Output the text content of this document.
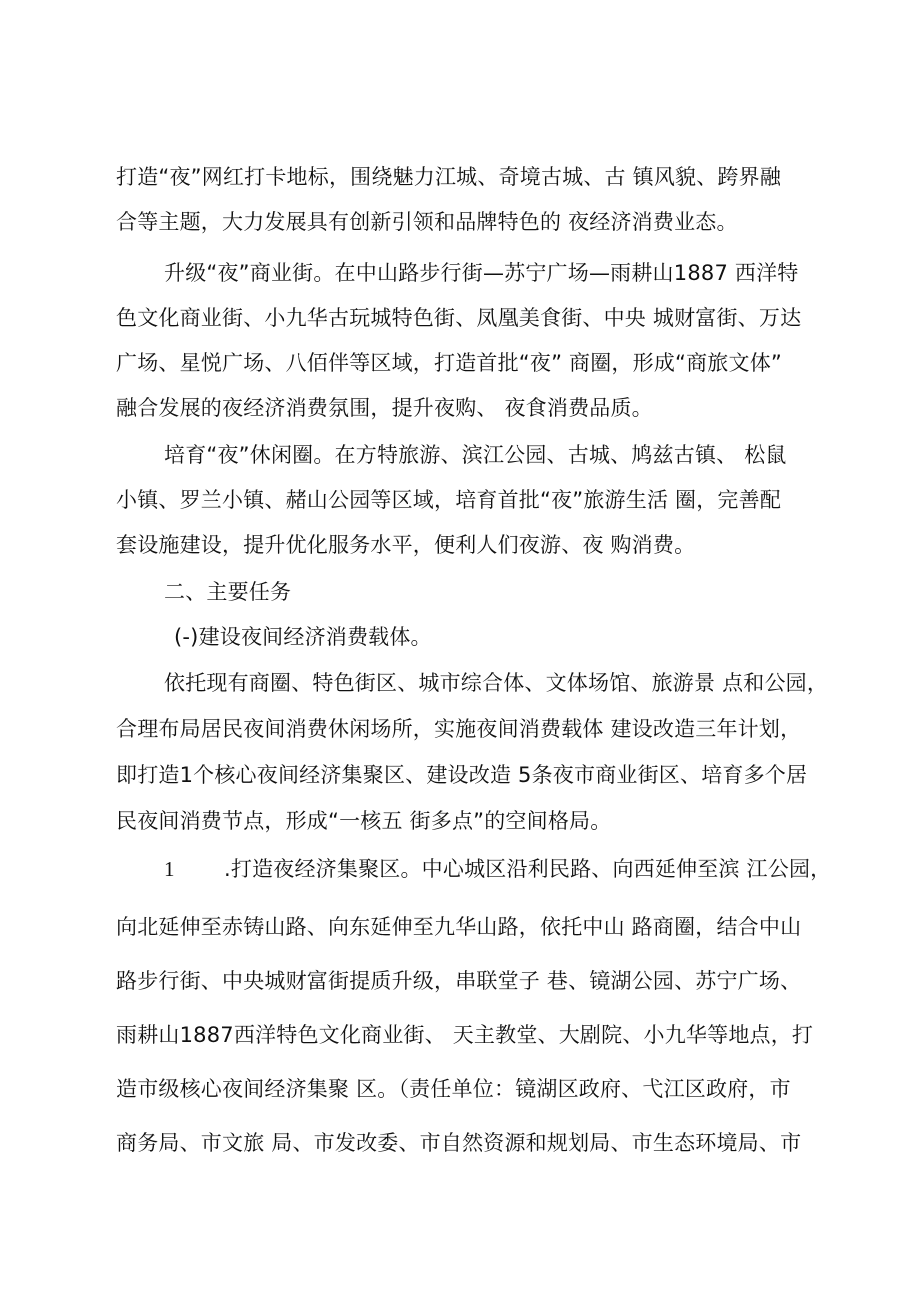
打造“夜”网红打卡地标，围绕魅力江城、奇境古城、古 镇风貌、跨界融

合等主题，大力发展具有创新引领和品牌特色的 夜经济消费业态。

升级“夜”商业街。在中山路步行街—苏宁广场—雨耕山1887 西洋特

色文化商业街、小九华古玩城特色街、凤凰美食街、中央 城财富街、万达

广场、星悦广场、八佰伴等区域，打造首批“夜” 商圈，形成“商旅文体”

融合发展的夜经济消费氛围，提升夜购、 夜食消费品质。

培育“夜”休闲圈。在方特旅游、滨江公园、古城、鸠兹古镇、 松鼠

小镇、罗兰小镇、赭山公园等区域，培育首批“夜”旅游生活 圈，完善配

套设施建设，提升优化服务水平，便利人们夜游、夜 购消费。

二、主要任务

(-)建设夜间经济消费载体。

依托现有商圈、特色街区、城市综合体、文体场馆、旅游景 点和公园，

合理布局居民夜间消费休闲场所，实施夜间消费载体 建设改造三年计划，

即打造1个核心夜间经济集聚区、建设改造 5条夜市商业街区、培育多个居

民夜间消费节点，形成“一核五 街多点”的空间格局。

1 .打造夜经济集聚区。中心城区沿利民路、向西延伸至滨 江公园，

向北延伸至赤铸山路、向东延伸至九华山路，依托中山 路商圈，结合中山

路步行街、中央城财富街提质升级，串联堂子 巷、镜湖公园、苏宁广场、

雨耕山1887西洋特色文化商业街、 天主教堂、大剧院、小九华等地点，打

造市级核心夜间经济集聚 区。（责任单位：镜湖区政府、弋江区政府，市

商务局、市文旅 局、市发改委、市自然资源和规划局、市生态环境局、市
